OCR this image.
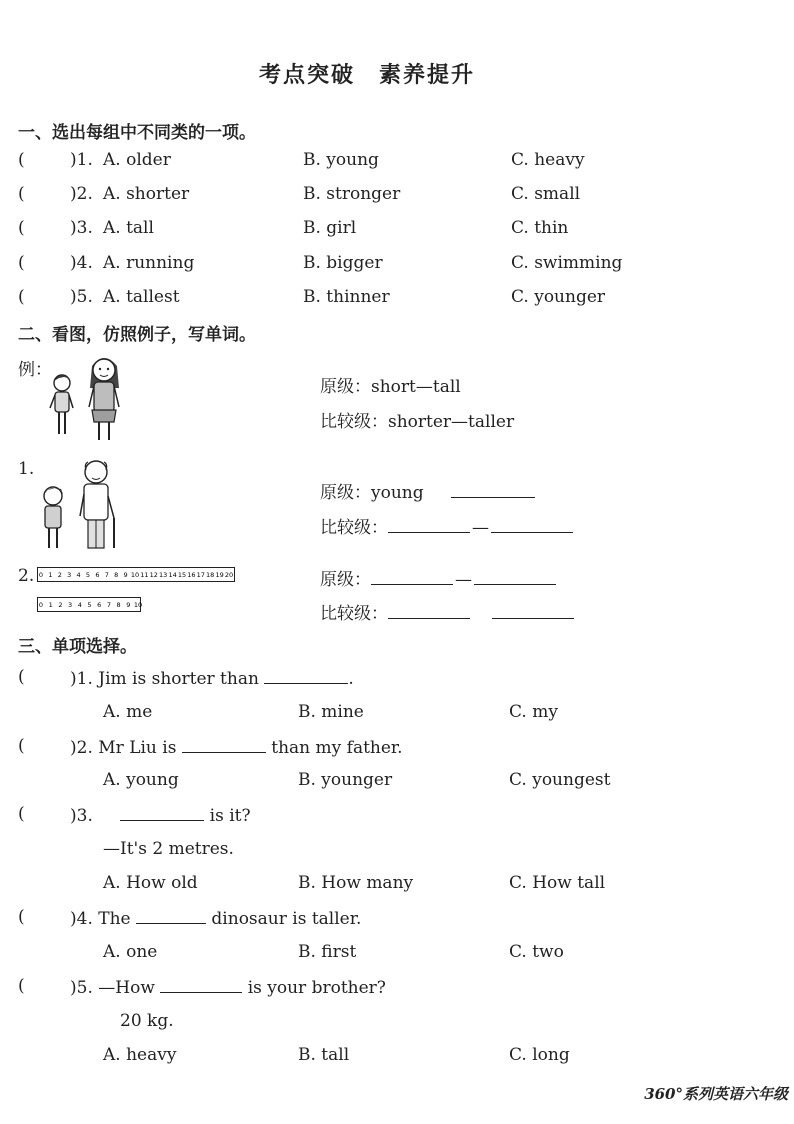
考点突破　素养提升
一、选出每组中不同类的一项。
(	)1. A. older	B. young	C. heavy
(	)2. A. shorter	B. stronger	C. small
(	)3. A. tall	B. girl	C. thin
(	)4. A. running	B. bigger	C. swimming
(	)5. A. tallest	B. thinner	C. younger
二、看图，仿照例子，写单词。
例：
原级：short—tall
比较级：shorter—taller
1.
原级：young
比较级：	—
2. 0 1 2 3 4 5 6 7 8 9 10 11 12 13 14 15 16 17 18 19 20
0 1 2 3 4 5 6 7 8 9 10
原级：	—
比较级：
三、单项选择。
(	)1. Jim is shorter than	.
A. me	B. mine	C. my
(	)2. Mr Liu is	than my father.
A. young	B. younger	C. youngest
(	)3.	is it?
—It's 2 metres.
A. How old	B. How many	C. How tall
(	)4. The	dinosaur is taller.
A. one	B. first	C. two
(	)5. —How	is your brother?
20 kg.
A. heavy	B. tall	C. long
360°系列英语六年级
